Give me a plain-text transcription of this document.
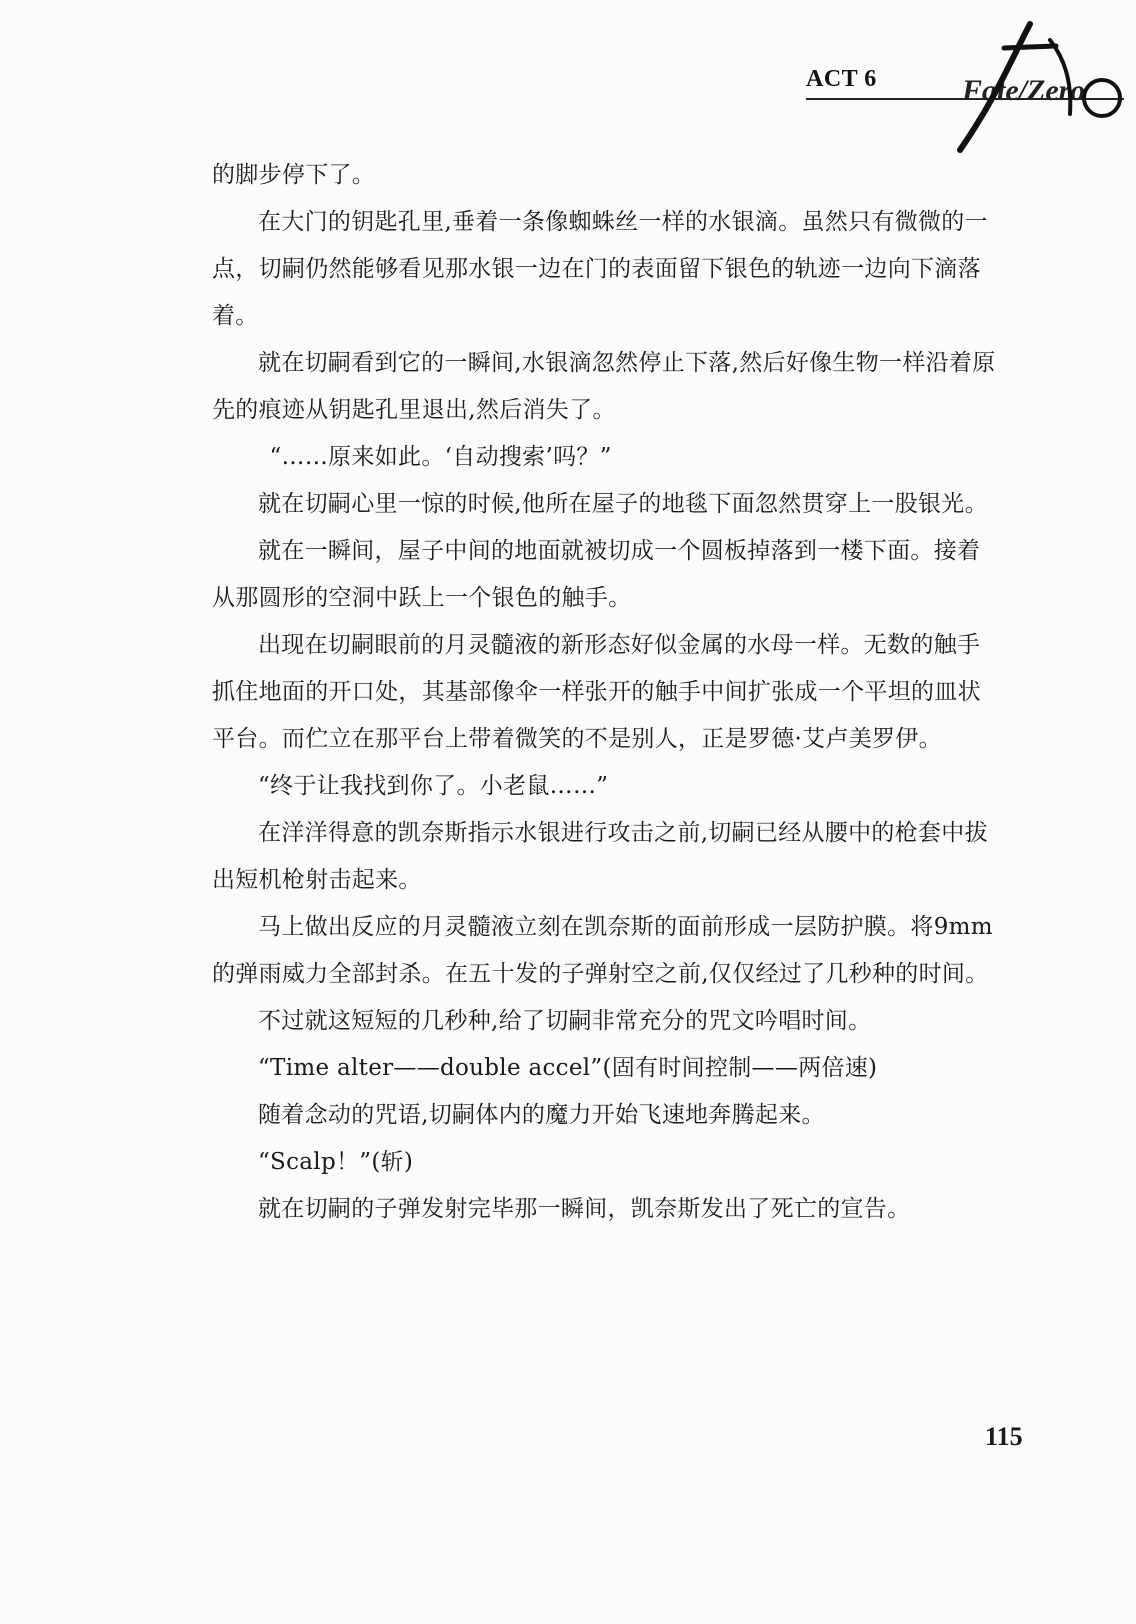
ACT 6	Fate/Zero

的脚步停下了。

在大门的钥匙孔里,垂着一条像蜘蛛丝一样的水银滴。虽然只有微微的一点，切嗣仍然能够看见那水银一边在门的表面留下银色的轨迹一边向下滴落着。

就在切嗣看到它的一瞬间,水银滴忽然停止下落,然后好像生物一样沿着原先的痕迹从钥匙孔里退出,然后消失了。

“……原来如此。‘自动搜索’吗？”

就在切嗣心里一惊的时候,他所在屋子的地毯下面忽然贯穿上一股银光。

就在一瞬间，屋子中间的地面就被切成一个圆板掉落到一楼下面。接着从那圆形的空洞中跃上一个银色的触手。

出现在切嗣眼前的月灵髓液的新形态好似金属的水母一样。无数的触手抓住地面的开口处，其基部像伞一样张开的触手中间扩张成一个平坦的皿状平台。而伫立在那平台上带着微笑的不是别人，正是罗德·艾卢美罗伊。

“终于让我找到你了。小老鼠……”

在洋洋得意的凯奈斯指示水银进行攻击之前,切嗣已经从腰中的枪套中拔出短机枪射击起来。

马上做出反应的月灵髓液立刻在凯奈斯的面前形成一层防护膜。将9mm的弹雨威力全部封杀。在五十发的子弹射空之前,仅仅经过了几秒种的时间。

不过就这短短的几秒种,给了切嗣非常充分的咒文吟唱时间。

“Time alter——double accel”(固有时间控制——两倍速)

随着念动的咒语,切嗣体内的魔力开始飞速地奔腾起来。

“Scalp！”(斩)

就在切嗣的子弹发射完毕那一瞬间，凯奈斯发出了死亡的宣告。

115
